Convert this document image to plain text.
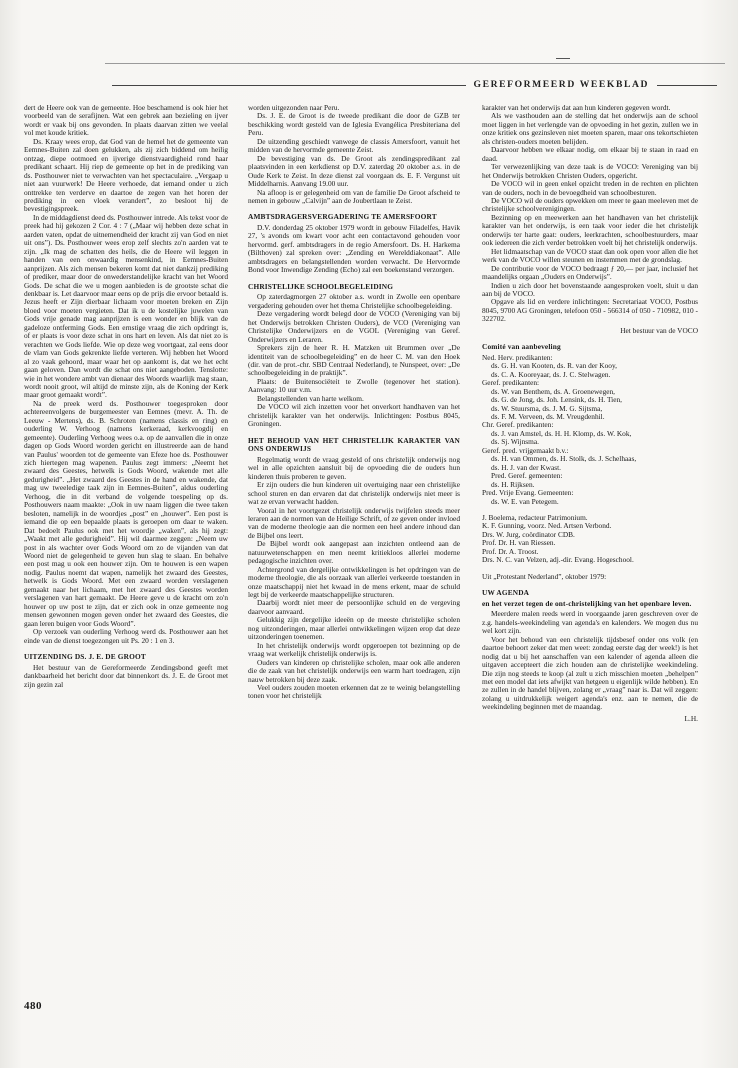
GEREFORMEERD WEEKBLAD

dert de Heere ook van de gemeente. Hoe beschamend is ook hier het voorbeeld van de serafijnen. Wat een gebrek aan bezieling en ijver wordt er vaak bij ons gevonden. In plaats daarvan zitten we veelal vol met koude kritiek.

Ds. Kraay wees erop, dat God van de hemel het de gemeente van Eemnes-Buiten zal doen gelukken, als zij zich biddend om heilig ontzag, diepe ootmoed en ijverige dienstvaardigheid rond haar predikant schaart. Hij riep de gemeente op het in de prediking van ds. Posthouwer niet te verwachten van het spectaculaire. „Vergaap u niet aan vuurwerk! De Heere verhoede, dat iemand onder u zich onttrekke ten verderve en daartoe de zegen van het horen der prediking in een vloek verandert”, zo besloot hij de bevestigingspreek.

In de middagdienst deed ds. Posthouwer intrede. Als tekst voor de preek had hij gekozen 2 Cor. 4 : 7 („Maar wij hebben deze schat in aarden vaten, opdat de uitnemendheid der kracht zij van God en niet uit ons”). Ds. Posthouwer wees erop zelf slechts zo'n aarden vat te zijn. „Ik mag de schatten des heils, die de Heere wil leggen in handen van een onwaardig mensenkind, in Eemnes-Buiten aanprijzen. Als zich mensen bekeren komt dat niet dankzij prediking of prediker, maar door de onwederstandelijke kracht van het Woord Gods. De schat die we u mogen aanbieden is de grootste schat die denkbaar is. Let daarvoor maar eens op de prijs die ervoor betaald is. Jezus heeft er Zijn dierbaar lichaam voor moeten breken en Zijn bloed voor moeten vergieten. Dat ik u de kostelijke juwelen van Gods vrije genade mag aanprijzen is een wonder en blijk van de gadeloze ontferming Gods. Een ernstige vraag die zich opdringt is, of er plaats is voor deze schat in ons hart en leven. Als dat niet zo is verachten we Gods liefde. Wie op deze weg voortgaat, zal eens door de vlam van Gods gekrenkte liefde verteren. Wij hebben het Woord al zo vaak gehoord, maar waar het op aankomt is, dat we het echt gaan geloven. Dan wordt die schat ons niet aangeboden. Tenslotte: wie in het wondere ambt van dienaar des Woords waarlijk mag staan, wordt nooit groot, wil altijd de minste zijn, als de Koning der Kerk maar groot gemaakt wordt”.

Na de preek werd ds. Posthouwer toegesproken door achtereenvolgens de burgemeester van Eemnes (mevr. A. Th. de Leeuw - Mertens), ds. B. Schroten (namens classis en ring) en ouderling W. Verhoog (namens kerkeraad, kerkvoogdij en gemeente). Ouderling Verhoog wees o.a. op de aanvallen die in onze dagen op Gods Woord worden gericht en illustreerde aan de hand van Paulus' woorden tot de gemeente van Efeze hoe ds. Posthouwer zich hiertegen mag wapenen. Paulus zegt immers: „Neemt het zwaard des Geestes, hetwelk is Gods Woord, wakende met alle gedurigheid”. „Het zwaard des Geestes in de hand en wakende, dat mag uw tweeledige taak zijn in Eemnes-Buiten”, aldus ouderling Verhoog, die in dit verband de volgende toespeling op ds. Posthouwers naam maakte: „Ook in uw naam liggen die twee taken besloten, namelijk in de woordjes „post” en „houwer”. Een post is iemand die op een bepaalde plaats is geroepen om daar te waken. Dat bedoelt Paulus ook met het woordje „waken”, als hij zegt: „Waakt met alle gedurigheid”. Hij wil daarmee zeggen: „Neem uw post in als wachter over Gods Woord om zo de vijanden van dat Woord niet de gelegenheid te geven hun slag te slaan. En behalve een post mag u ook een houwer zijn. Om te houwen is een wapen nodig. Paulus noemt dat wapen, namelijk het zwaard des Geestes, hetwelk is Gods Woord. Met een zwaard worden verslagenen gemaakt naar het lichaam, met het zwaard des Geestes worden verslagenen van hart gemaakt. De Heere geve u de kracht om zo'n houwer op uw post te zijn, dat er zich ook in onze gemeente nog mensen gewonnen mogen geven onder het zwaard des Geestes, die gaan leren buigen voor Gods Woord”.

Op verzoek van ouderling Verhoog werd ds. Posthouwer aan het einde van de dienst toegezongen uit Ps. 20 : 1 en 3.

UITZENDING DS. J. E. DE GROOT

Het bestuur van de Gereformeerde Zendingsbond geeft met dankbaarheid het bericht door dat binnenkort ds. J. E. de Groot met zijn gezin zal

worden uitgezonden naar Peru.

Ds. J. E. de Groot is de tweede predikant die door de GZB ter beschikking wordt gesteld van de Iglesia Evangélica Presbiteriana del Peru.

De uitzending geschiedt vanwege de classis Amersfoort, vanuit het midden van de hervormde gemeente Zeist.

De bevestiging van ds. De Groot als zendingspredikant zal plaatsvinden in een kerkdienst op D.V. zaterdag 20 oktober a.s. in de Oude Kerk te Zeist. In deze dienst zal voorgaan ds. E. F. Vergunst uit Middelharnis. Aanvang 19.00 uur.

Na afloop is er gelegenheid om van de familie De Groot afscheid te nemen in gebouw „Calvijn” aan de Joubertlaan te Zeist.

AMBTSDRAGERSVERGADERING TE AMERSFOORT

D.V. donderdag 25 oktober 1979 wordt in gebouw Filadelfes, Havik 27, 's avonds om kwart voor acht een contactavond gehouden voor hervormd. gerf. ambtsdragers in de regio Amersfoort. Ds. H. Harkema (Bilthoven) zal spreken over: „Zending en Werelddiakonaat”. Alle ambtsdragers en belangstellenden worden verwacht. De Hervormde Bond voor Inwendige Zending (Echo) zal een boekenstand verzorgen.

CHRISTELIJKE SCHOOLBEGELEIDING

Op zaterdagmorgen 27 oktober a.s. wordt in Zwolle een openbare vergadering gehouden over het thema Christelijke schoolbegeleiding.

Deze vergadering wordt belegd door de VOCO (Vereniging van bij het Onderwijs betrokken Christen Ouders), de VCO (Vereniging van Christelijke Onderwijzers en de VGOL (Vereniging van Geref. Onderwijzers en Leraren.

Sprekers zijn de heer R. H. Matzken uit Brummen over „De identiteit van de schoolbegeleiding” en de heer C. M. van den Hoek (dir. van de prot.-chr. SBD Centraal Nederland), te Nunspeet, over: „De schoolbegeleiding in de praktijk”.

Plaats: de Buitensociëteit te Zwolle (tegenover het station). Aanvang: 10 uur v.m.

Belangstellenden van harte welkom.

De VOCO wil zich inzetten voor het onverkort handhaven van het christelijk karakter van het onderwijs. Inlichtingen: Postbus 8045, Groningen.

HET BEHOUD VAN HET CHRISTELIJK KARAKTER VAN ONS ONDERWIJS

Regelmatig wordt de vraag gesteld of ons christelijk onderwijs nog wel in alle opzichten aansluit bij de opvoeding die de ouders hun kinderen thuis proberen te geven.

Er zijn ouders die hun kinderen uit overtuiging naar een christelijke school sturen en dan ervaren dat dat christelijk onderwijs niet meer is wat ze ervan verwacht hadden.

Vooral in het voortgezet christelijk onderwijs twijfelen steeds meer leraren aan de normen van de Heilige Schrift, of ze geven onder invloed van de moderne theologie aan die normen een heel andere inhoud dan de Bijbel ons leert.

De Bijbel wordt ook aangepast aan inzichten ontleend aan de natuurwetenschappen en men neemt kritiekloos allerlei moderne pedagogische inzichten over.

Achtergrond van dergelijke ontwikkelingen is het opdringen van de moderne theologie, die als oorzaak van allerlei verkeerde toestanden in onze maatschappij niet het kwaad in de mens erkent, maar de schuld legt bij de verkeerde maatschappelijke structuren.

Daarbij wordt niet meer de persoonlijke schuld en de vergeving daarvoor aanvaard.

Gelukkig zijn dergelijke ideeën op de meeste christelijke scholen nog uitzonderingen, maar allerlei ontwikkelingen wijzen erop dat deze uitzonderingen toenemen.

In het christelijk onderwijs wordt opgeroepen tot bezinning op de vraag wat werkelijk christelijk onderwijs is.

Ouders van kinderen op christelijke scholen, maar ook alle anderen die de zaak van het christelijk onderwijs een warm hart toedragen, zijn nauw betrokken bij deze zaak.

Veel ouders zouden moeten erkennen dat ze te weinig belangstelling tonen voor het christelijk

karakter van het onderwijs dat aan hun kinderen gegeven wordt.

Als we vasthouden aan de stelling dat het onderwijs aan de school moet liggen in het verlengde van de opvoeding in het gezin, zullen we in onze kritiek ons gezinsleven niet moeten sparen, maar ons tekortschieten als christen-ouders moeten belijden.

Daarvoor hebben we elkaar nodig, om elkaar bij te staan in raad en daad.

Ter verwezenlijking van deze taak is de VOCO: Vereniging van bij het Onderwijs betrokken Christen Ouders, opgericht.

De VOCO wil in geen enkel opzicht treden in de rechten en plichten van de ouders, noch in de bevoegdheid van schoolbesturen.

De VOCO wil de ouders opwekken om meer te gaan meeleven met de christelijke schoolverenigingen.

Bezinning op en meewerken aan het handhaven van het christelijk karakter van het onderwijs, is een taak voor ieder die het christelijk onderwijs ter harte gaat: ouders, leerkrachten, schoolbestuurders, maar ook iedereen die zich verder betrokken voelt bij het christelijk onderwijs.

Het lidmaatschap van de VOCO staat dan ook open voor allen die het werk van de VOCO willen steunen en instemmen met de grondslag.

De contributie voor de VOCO bedraagt ƒ 20,— per jaar, inclusief het maandelijks orgaan „Ouders en Onderwijs”.

Indien u zich door het bovenstaande aangesproken voelt, sluit u dan aan bij de VOCO.

Opgave als lid en verdere inlichtingen: Secretariaat VOCO, Postbus 8045, 9700 AG Groningen, telefoon 050 - 566314 of 050 - 710982, 010 - 322702.

Het bestuur van de VOCO
Comité van aanbeveling
Ned. Herv. predikanten:
ds. G. H. van Kooten, ds. R. van der Kooy,
ds. C. A. Kooreyaar, ds. J. C. Stelwagen.
Geref. predikanten:
ds. W. van Benthem, ds. A. Groenewegen,
ds. G. de Jong, ds. Joh. Lensink, ds. H. Tien,
ds. W. Stuursma, ds. J. M. G. Sijtsma,
ds. F. M. Verveen, ds. M. Vreugdenhil.
Chr. Geref. predikanten:
ds. J. van Amstel, ds. H. H. Klomp, ds. W. Kok,
ds. Sj. Wijnsma.
Geref. pred. vrijgemaakt b.v.:
ds. H. van Ommen, ds. H. Stolk, ds. J. Schelhaas,
ds. H. J. van der Kwast.
Pred. Geref. gemeenten:
ds. H. Rijksen.
Pred. Vrije Evang. Gemeenten:
ds. W. E. van Petegem.
J. Boelema, redacteur Patrimonium.
K. F. Gunning, voorz. Ned. Artsen Verbond.
Drs. W. Jurg, coördinator CDB.
Prof. Dr. H. van Riessen.
Prof. Dr. A. Troost.
Drs. N. C. van Velzen, adj.-dir. Evang. Hogeschool.

Uit „Protestant Nederland”, oktober 1979:

UW AGENDA
en het verzet tegen de ont-christelijking van het openbare leven.

Meerdere malen reeds werd in voorgaande jaren geschreven over de z.g. handels-weekindeling van agenda's en kalenders. We mogen dus nu wel kort zijn.

Voor het behoud van een christelijk tijdsbesef onder ons volk (en daartoe behoort zeker dat men weet: zondag eerste dag der week!) is het nodig dat u bij het aanschaffen van een kalender of agenda alleen die uitgaven accepteert die zich houden aan de christelijke weekindeling. Die zijn nog steeds te koop (al zult u zich misschien moeten „behelpen” met een model dat iets afwijkt van hetgeen u eigenlijk wilde hebben). En ze zullen in de handel blijven, zolang er „vraag” naar is. Dat wil zeggen: zolang u uitdrukkelijk weigert agenda's enz. aan te nemen, die de weekindeling beginnen met de maandag.

L.H.
480
